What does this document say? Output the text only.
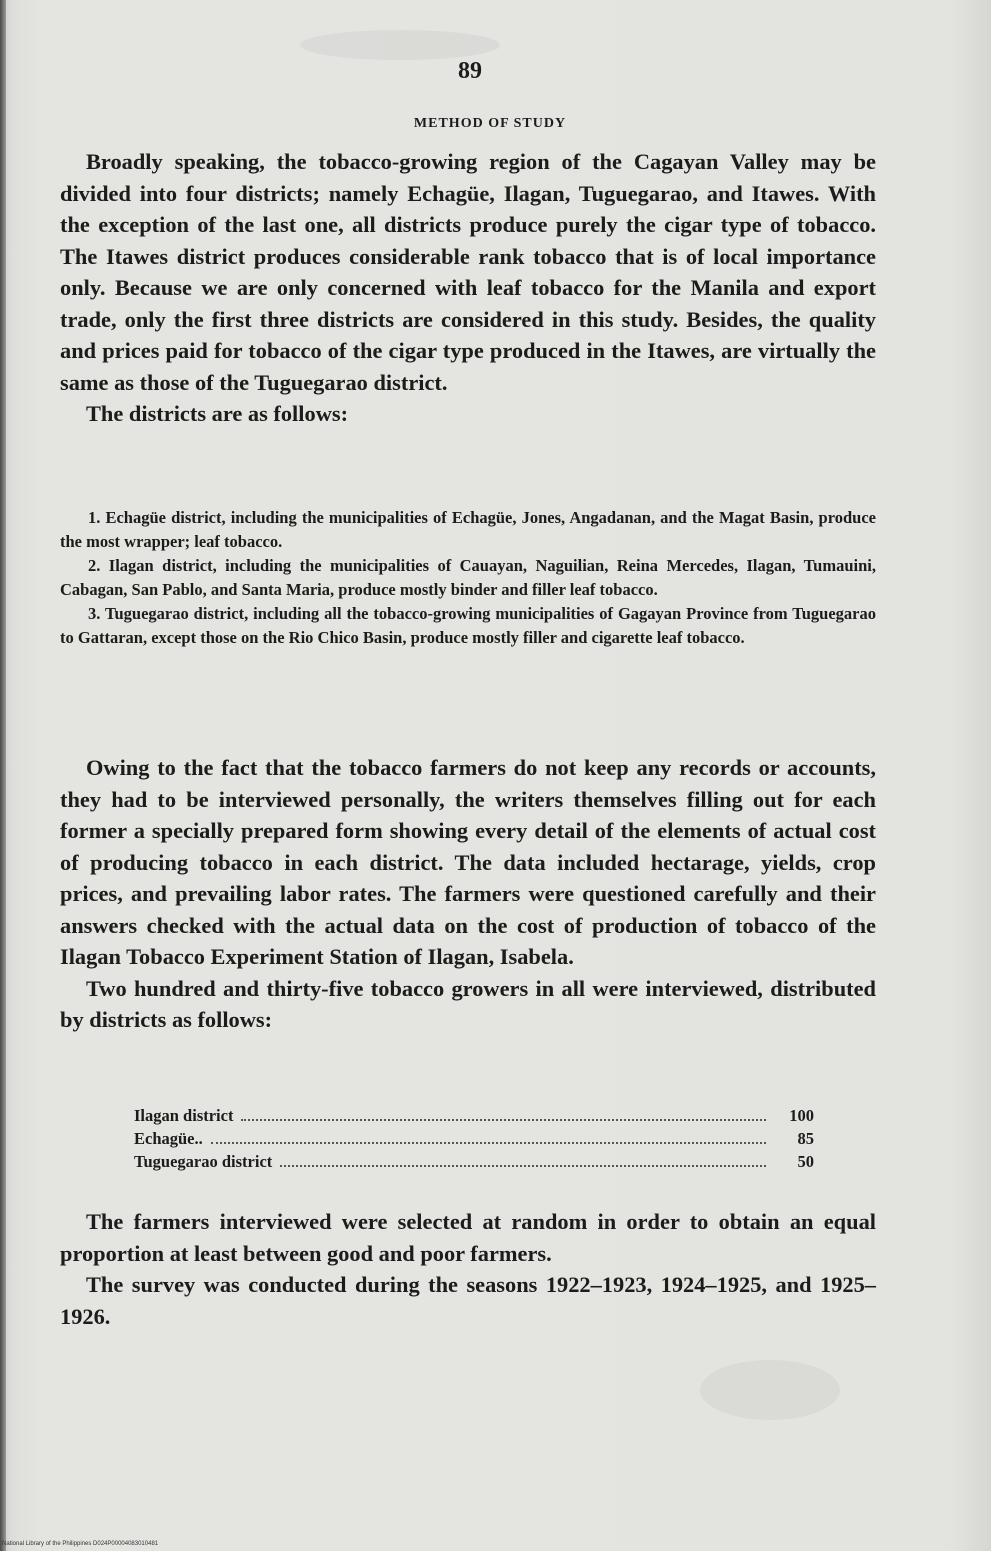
89
METHOD OF STUDY

Broadly speaking, the tobacco-growing region of the Cagayan Valley may be divided into four districts; namely Echagüe, Ilagan, Tuguegarao, and Itawes. With the exception of the last one, all districts produce purely the cigar type of tobacco. The Itawes district produces considerable rank tobacco that is of local importance only. Because we are only concerned with leaf tobacco for the Manila and export trade, only the first three districts are considered in this study. Besides, the quality and prices paid for tobacco of the cigar type produced in the Itawes, are virtually the same as those of the Tuguegarao district.

The districts are as follows:

1. Echagüe district, including the municipalities of Echagüe, Jones, Angadanan, and the Magat Basin, produce the most wrapper; leaf tobacco.

2. Ilagan district, including the municipalities of Cauayan, Naguilian, Reina Mercedes, Ilagan, Tumauini, Cabagan, San Pablo, and Santa Maria, produce mostly binder and filler leaf tobacco.

3. Tuguegarao district, including all the tobacco-growing municipalities of Gagayan Province from Tuguegarao to Gattaran, except those on the Rio Chico Basin, produce mostly filler and cigarette leaf tobacco.

Owing to the fact that the tobacco farmers do not keep any records or accounts, they had to be interviewed personally, the writers themselves filling out for each former a specially prepared form showing every detail of the elements of actual cost of producing tobacco in each district. The data included hectarage, yields, crop prices, and prevailing labor rates. The farmers were questioned carefully and their answers checked with the actual data on the cost of production of tobacco of the Ilagan Tobacco Experiment Station of Ilagan, Isabela.

Two hundred and thirty-five tobacco growers in all were interviewed, distributed by districts as follows:

Ilagan district	100
Echagüe..	85
Tuguegarao district	50

The farmers interviewed were selected at random in order to obtain an equal proportion at least between good and poor farmers.

The survey was conducted during the seasons 1922–1923, 1924–1925, and 1925–1926.

National Library of the Philippines D024P00004083010481
